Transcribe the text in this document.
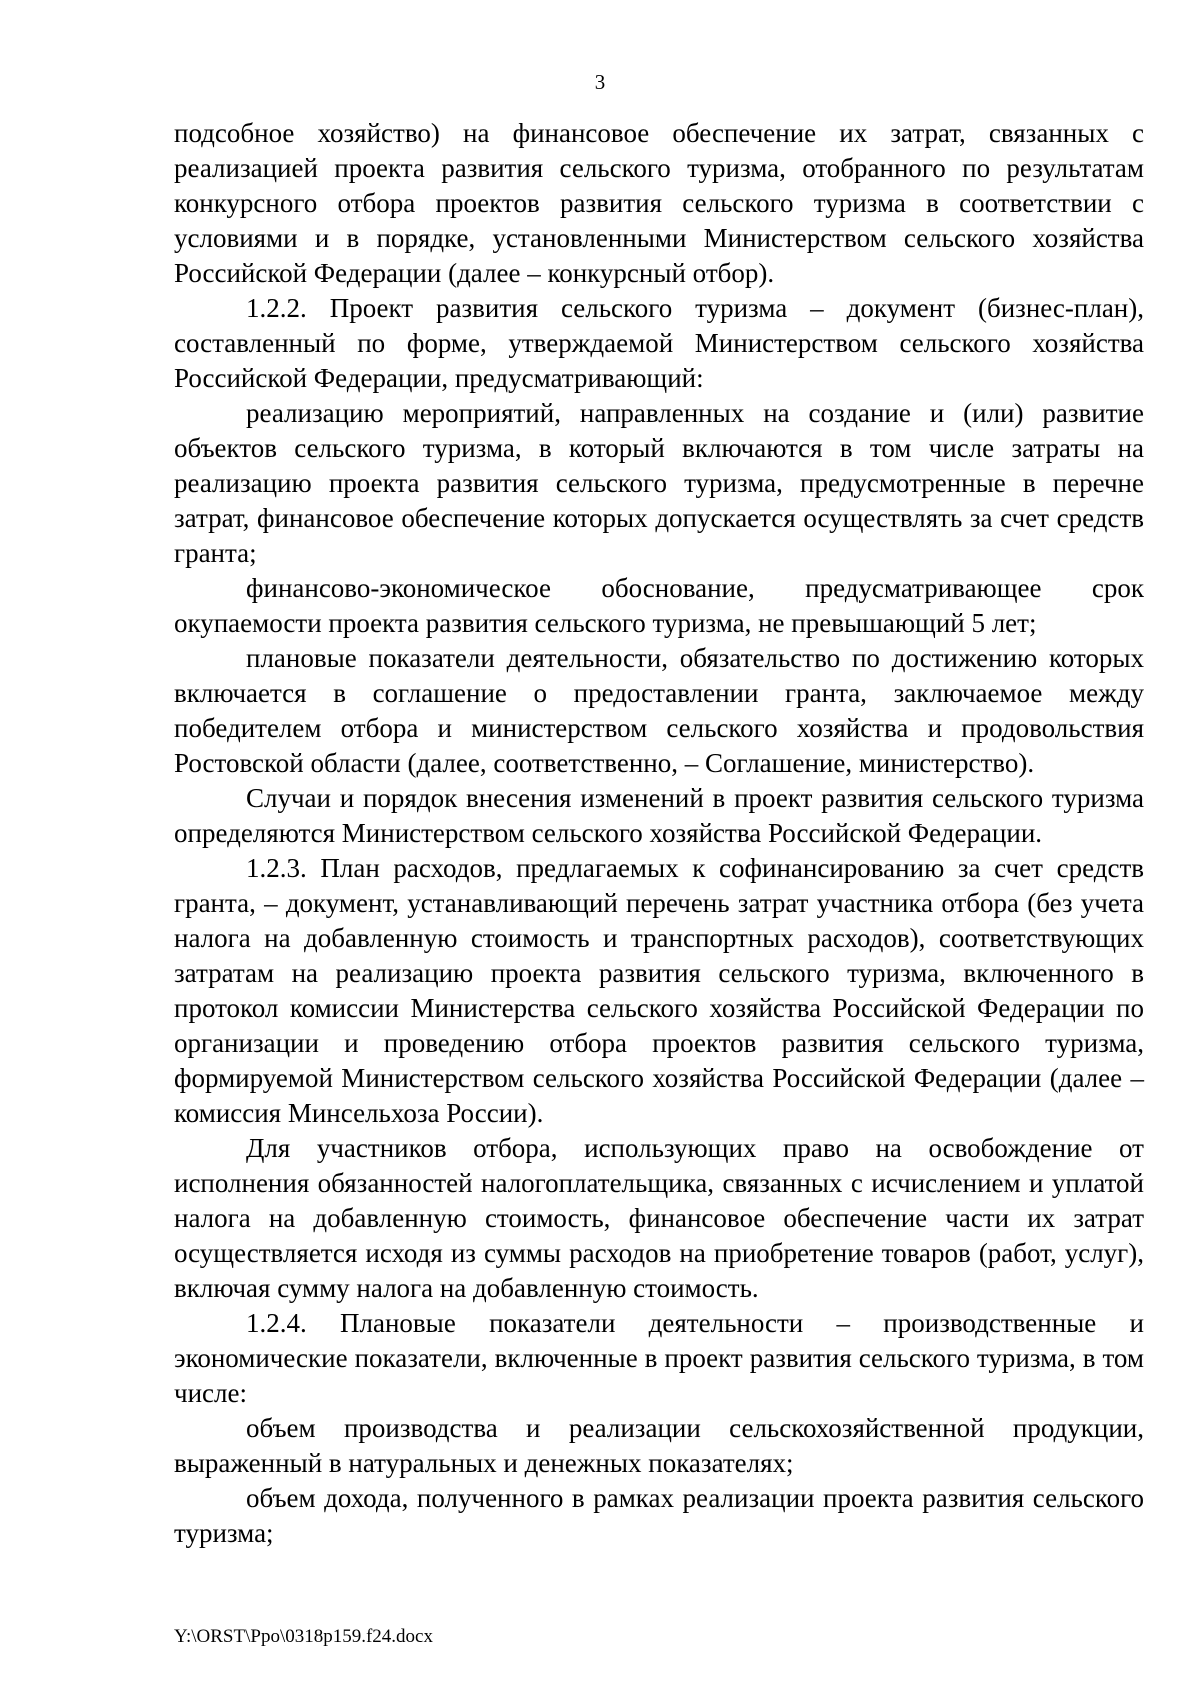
3

подсобное хозяйство) на финансовое обеспечение их затрат, связанных с реализацией проекта развития сельского туризма, отобранного по результатам конкурсного отбора проектов развития сельского туризма в соответствии с условиями и в порядке, установленными Министерством сельского хозяйства Российской Федерации (далее – конкурсный отбор).

1.2.2. Проект развития сельского туризма – документ (бизнес-план), составленный по форме, утверждаемой Министерством сельского хозяйства Российской Федерации, предусматривающий:

реализацию мероприятий, направленных на создание и (или) развитие объектов сельского туризма, в который включаются в том числе затраты на реализацию проекта развития сельского туризма, предусмотренные в перечне затрат, финансовое обеспечение которых допускается осуществлять за счет средств гранта;

финансово-экономическое обоснование, предусматривающее срок окупаемости проекта развития сельского туризма, не превышающий 5 лет;

плановые показатели деятельности, обязательство по достижению которых включается в соглашение о предоставлении гранта, заключаемое между победителем отбора и министерством сельского хозяйства и продовольствия Ростовской области (далее, соответственно, – Соглашение, министерство).

Случаи и порядок внесения изменений в проект развития сельского туризма определяются Министерством сельского хозяйства Российской Федерации.

1.2.3. План расходов, предлагаемых к софинансированию за счет средств гранта, – документ, устанавливающий перечень затрат участника отбора (без учета налога на добавленную стоимость и транспортных расходов), соответствующих затратам на реализацию проекта развития сельского туризма, включенного в протокол комиссии Министерства сельского хозяйства Российской Федерации по организации и проведению отбора проектов развития сельского туризма, формируемой Министерством сельского хозяйства Российской Федерации (далее – комиссия Минсельхоза России).

Для участников отбора, использующих право на освобождение от исполнения обязанностей налогоплательщика, связанных с исчислением и уплатой налога на добавленную стоимость, финансовое обеспечение части их затрат осуществляется исходя из суммы расходов на приобретение товаров (работ, услуг), включая сумму налога на добавленную стоимость.

1.2.4. Плановые показатели деятельности – производственные и экономические показатели, включенные в проект развития сельского туризма, в том числе:

объем производства и реализации сельскохозяйственной продукции, выраженный в натуральных и денежных показателях;

объем дохода, полученного в рамках реализации проекта развития сельского туризма;

Y:\ORST\Ppo\0318p159.f24.docx
